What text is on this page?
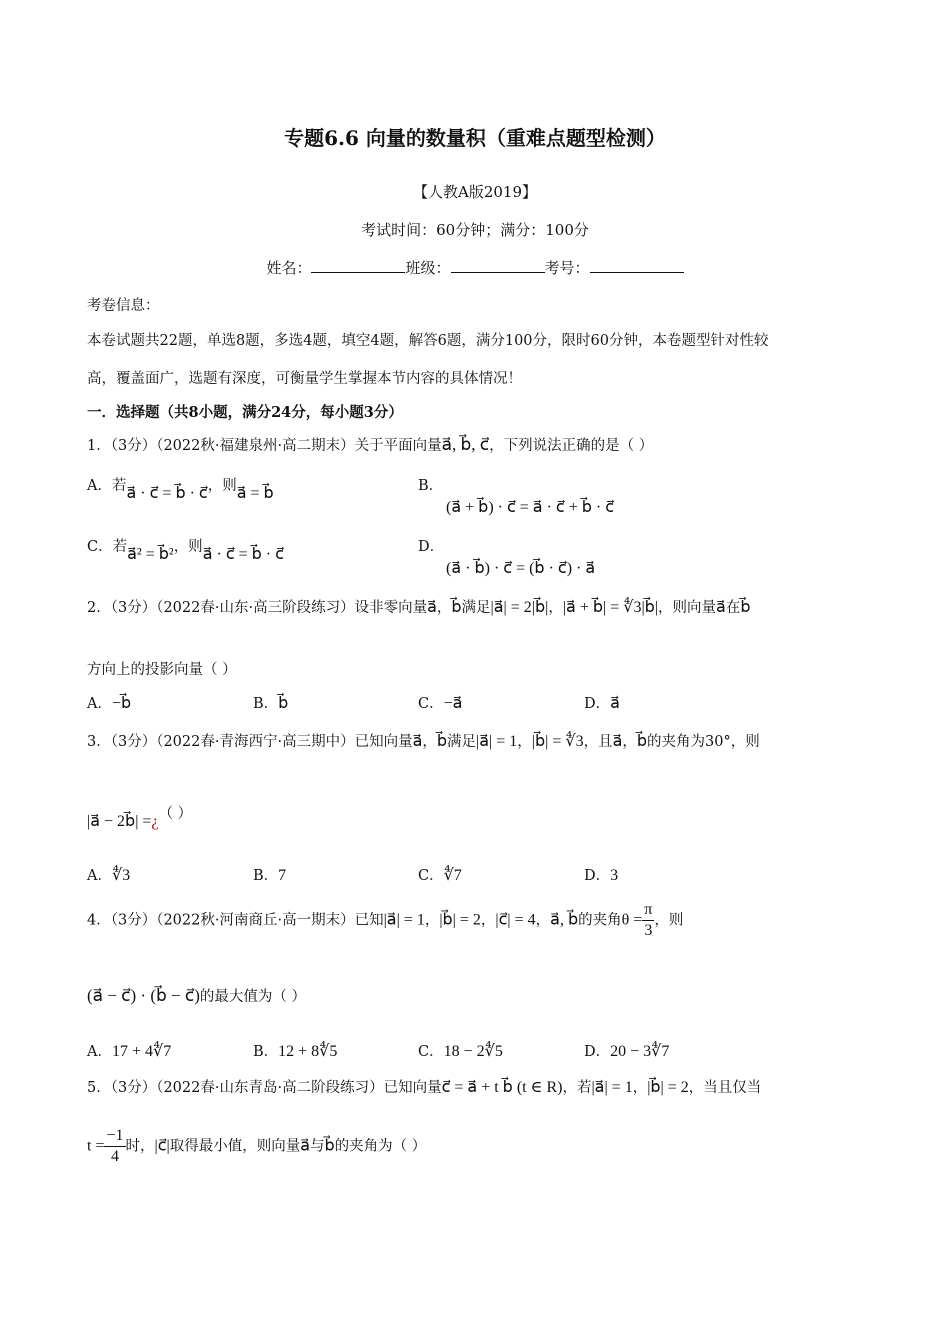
专题6.6 向量的数量积（重难点题型检测）
【人教A版2019】
考试时间：60分钟；满分：100分
姓名：	班级：	考号：
考卷信息：
本卷试题共22题，单选8题，多选4题，填空4题，解答6题，满分100分，限时60分钟，本卷题型针对性较
高，覆盖面广，选题有深度，可衡量学生掌握本节内容的具体情况！
一．选择题（共8小题，满分24分，每小题3分）
1．（3分）（2022秋·福建泉州·高二期末）关于平面向量a⃗, b⃗, c⃗，下列说法正确的是（ ）
A．若a⃗ · c⃗ = b⃗ · c⃗，则a⃗ = b⃗	B．
(a⃗ + b⃗) · c⃗ = a⃗ · c⃗ + b⃗ · c⃗
C．若a⃗² = b⃗²，则a⃗ · c⃗ = b⃗ · c⃗	D．
(a⃗ · b⃗) · c⃗ = (b⃗ · c⃗) · a⃗
2．（3分）（2022春·山东·高三阶段练习）设非零向量a⃗，b⃗满足|a⃗| = 2|b⃗|，|a⃗ + b⃗| = ∜3|b⃗|，则向量a⃗在b⃗
方向上的投影向量（ ）
A．−b⃗	B．b⃗	C．−a⃗	D．a⃗
3．（3分）（2022春·青海西宁·高三期中）已知向量a⃗，b⃗满足|a⃗| = 1，|b⃗| = ∜3，且a⃗，b⃗的夹角为30°，则
|a⃗ − 2b⃗| =¿（ ）
A．∜3	B．7	C．∜7	D．3
4．（3分）（2022秋·河南商丘·高一期末）已知|a⃗| = 1，|b⃗| = 2，|c⃗| = 4，a⃗, b⃗的夹角$\theta = \frac{\pi}{3}$ ，则
(a⃗ − c⃗) · (b⃗ − c⃗)的最大值为（ ）
A．17 + 4∜7	B．12 + 8∜5	C．18 − 2∜5	D．20 − 3∜7
5．（3分）（2022春·山东青岛·高二阶段练习）已知向量c⃗ = a⃗ + t b⃗ (t ∈ R)，若|a⃗| = 1，|b⃗| = 2，当且仅当
$t = \frac{-1}{4}$ 时，|c⃗|取得最小值，则向量a⃗与b⃗的夹角为（ ）
